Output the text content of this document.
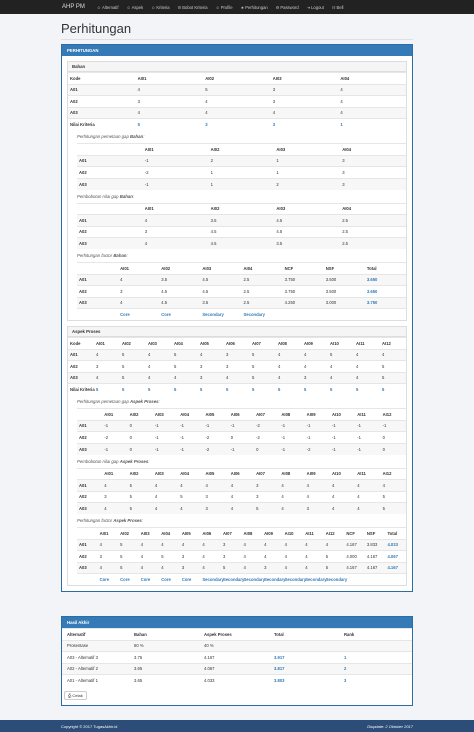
AHP PM	☺Alternatif ☺Aspek ☺Kriteria ☰Bobot Kriteria ☺Profile ★Perhitungan ⚙Password ⇥Logout ☷Bell
Perhitungan
PERHITUNGAN
Bahan
Kode	AI01	AI02	AI03	AI04
A01	4	5	3	4
A02	3	4	3	4
A03	4	4	4	4
Nilai Kriteria	5	3	3	1
Perhitungan pemetaan gap Bahan:
	AI01	AI02	AI03	AI04
A01	-1	2	1	3
A02	-2	1	1	3
A03	-1	1	2	3
Pembobotan nilai gap Bahan:
	AI01	AI02	AI03	AI04
A01	4	3.5	4.5	2.5
A02	3	4.5	4.5	2.5
A03	4	4.5	3.5	2.5
Perhitungan factor Bahan:
	AI01	AI02	AI03	AI04	NCF	NSF	Total
A01	4	3.5	4.5	2.5	3.750	3.500	3.650
A02	3	4.5	4.5	2.5	3.750	3.500	3.650
A03	4	4.5	3.5	2.5	4.250	3.000	3.750
	Core	Core	Secondary	Secondary			
Aspek Proses
Kode	AI01	AI02	AI03	AI04	AI05	AI06	AI07	AI08	AI09	AI10	AI11	AI12
A01	4	5	4	5	4	3	5	4	4	5	4	4
A02	3	5	4	5	3	3	5	4	4	4	4	5
A03	4	5	4	4	3	4	5	4	3	4	4	5
Nilai Kriteria	5	5	5	5	5	5	5	5	5	5	5	5
Perhitungan pemetaan gap Aspek Proses:
	AI01	AI02	AI03	AI04	AI05	AI06	AI07	AI08	AI09	AI10	AI11	AI12
A01	-1	0	-1	-1	-1	-1	-2	-1	-1	-1	-1	-1
A02	-2	0	-1	-1	-2	0	-2	-1	-1	-1	-1	0
A03	-1	0	-1	-1	-2	-1	0	-1	-2	-1	-1	0
Pembobotan nilai gap Aspek Proses:
	AI01	AI02	AI03	AI04	AI05	AI06	AI07	AI08	AI09	AI10	AI11	AI12
A01	4	5	4	4	4	4	3	4	4	4	4	4
A02	3	5	4	5	3	4	3	4	4	4	4	5
A03	4	5	4	4	3	4	5	4	3	4	4	5
Perhitungan factor Aspek Proses:
	AI01	AI02	AI03	AI04	AI05	AI06	AI07	AI08	AI09	AI10	AI11	AI12	NCF	NSF	Total
A01	4	5	4	4	4	4	3	4	4	4	4	4	4.167	3.833	4.033
A02	3	5	4	5	3	4	3	4	4	4	4	5	4.000	4.167	4.067
A03	4	5	4	4	3	4	5	4	3	4	4	5	4.167	4.167	4.167
	Core	Core	Core	Core	Core	Secondary	Secondary	Secondary	Secondary	Secondary	Secondary	Secondary			
Hasil Akhir
Alternatif	Bahan	Aspek Proses	Total	Rank
Prosentase	60 %	40 %		
A03 - Alternatif 3	3.75	4.167	3.917	1
A02 - Alternatif 2	3.65	4.067	3.817	2
A01 - Alternatif 1	3.65	4.033	3.803	3
⎙ Cetak
Copyright © 2017 TugasAkhir.id	Diupdate: 2 Oktober 2017
